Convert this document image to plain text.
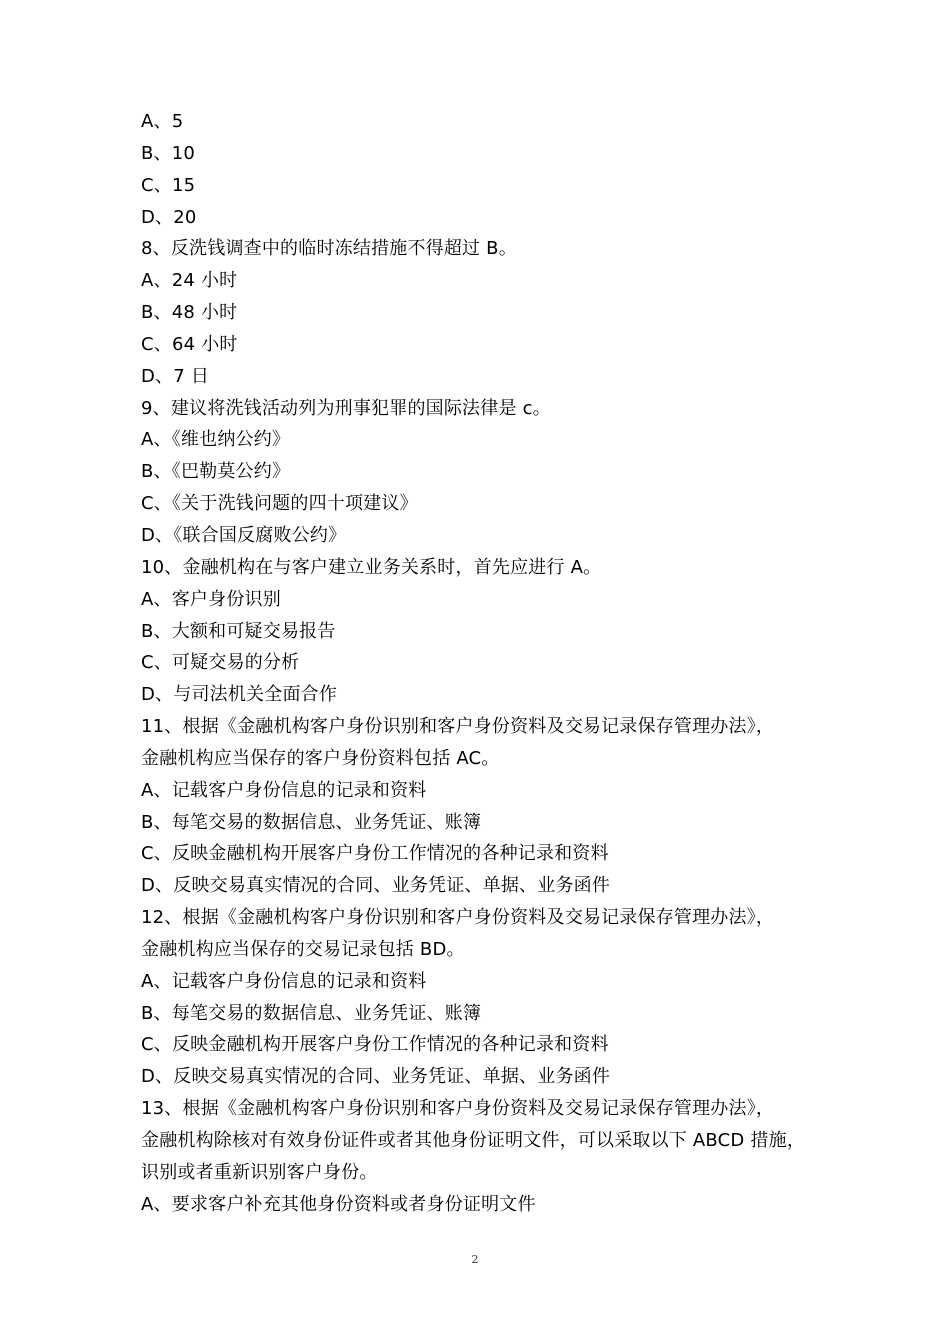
A、5
B、10
C、15
D、20
8、反洗钱调查中的临时冻结措施不得超过 B。
A、24 小时
B、48 小时
C、64 小时
D、7 日
9、建议将洗钱活动列为刑事犯罪的国际法律是 c。
A、《维也纳公约》
B、《巴勒莫公约》
C、《关于洗钱问题的四十项建议》
D、《联合国反腐败公约》
10、金融机构在与客户建立业务关系时，首先应进行 A。
A、客户身份识别
B、大额和可疑交易报告
C、可疑交易的分析
D、与司法机关全面合作
11、根据《金融机构客户身份识别和客户身份资料及交易记录保存管理办法》，
金融机构应当保存的客户身份资料包括 AC。
A、记载客户身份信息的记录和资料
B、每笔交易的数据信息、业务凭证、账簿
C、反映金融机构开展客户身份工作情况的各种记录和资料
D、反映交易真实情况的合同、业务凭证、单据、业务函件
12、根据《金融机构客户身份识别和客户身份资料及交易记录保存管理办法》，
金融机构应当保存的交易记录包括 BD。
A、记载客户身份信息的记录和资料
B、每笔交易的数据信息、业务凭证、账簿
C、反映金融机构开展客户身份工作情况的各种记录和资料
D、反映交易真实情况的合同、业务凭证、单据、业务函件
13、根据《金融机构客户身份识别和客户身份资料及交易记录保存管理办法》，
金融机构除核对有效身份证件或者其他身份证明文件，可以采取以下 ABCD 措施，
识别或者重新识别客户身份。
A、要求客户补充其他身份资料或者身份证明文件
2
